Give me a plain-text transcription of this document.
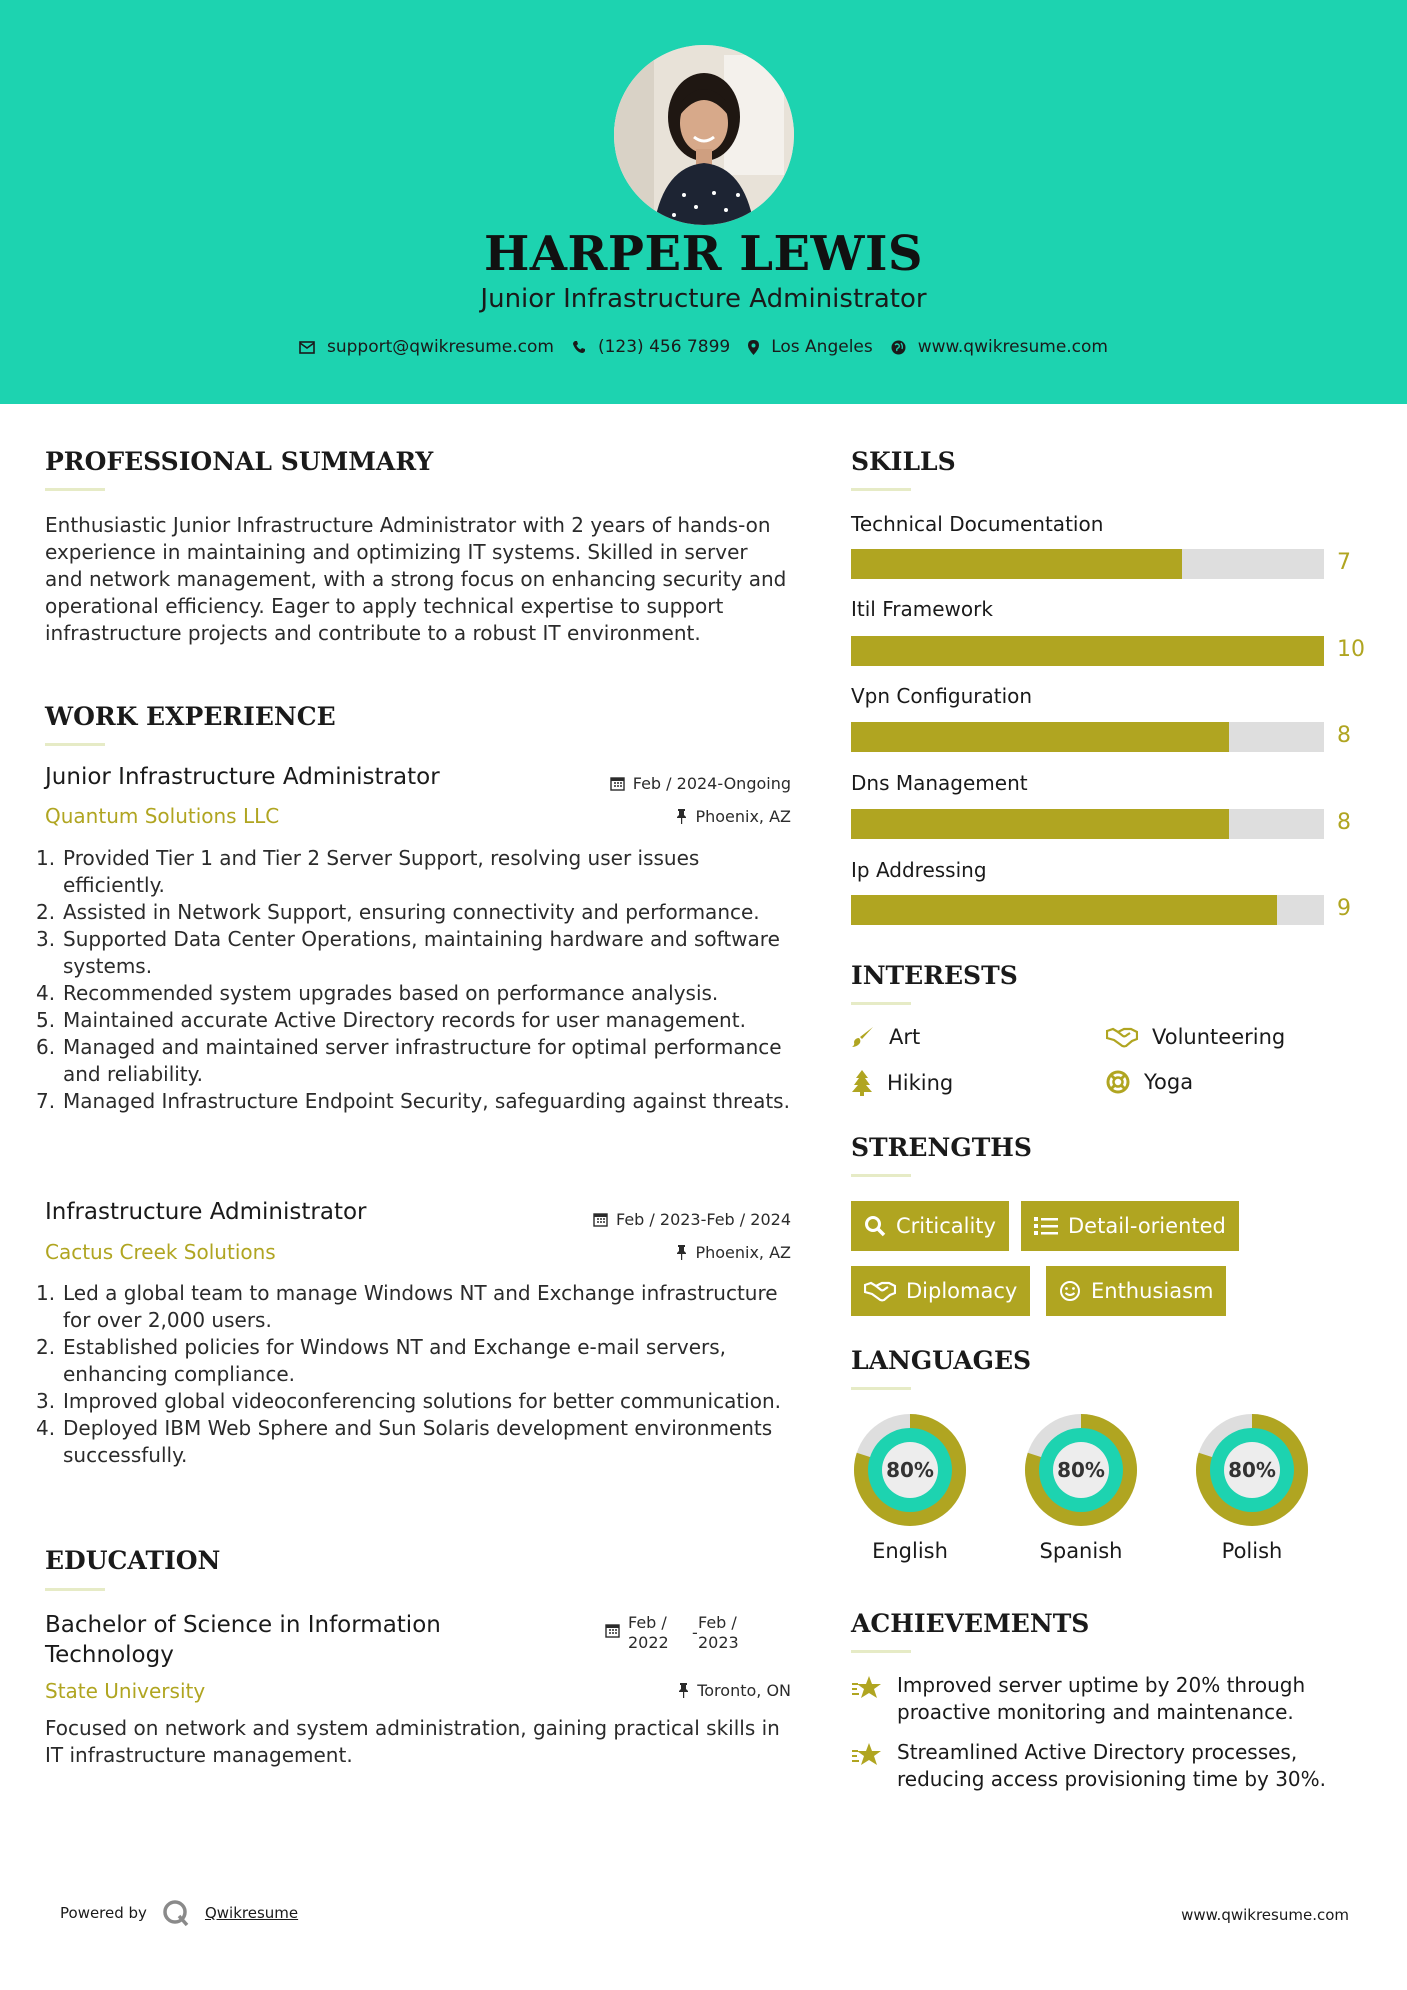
HARPER LEWIS
Junior Infrastructure Administrator
support@qwikresume.com	(123) 456 7899 Los Angeles	www.qwikresume.com
PROFESSIONAL SUMMARY
Enthusiastic Junior Infrastructure Administrator with 2 years of hands-on experience in maintaining and optimizing IT systems. Skilled in server and network management, with a strong focus on enhancing security and operational efficiency. Eager to apply technical expertise to support infrastructure projects and contribute to a robust IT environment.
WORK EXPERIENCE
Junior Infrastructure Administrator	Feb / 2024-Ongoing
Quantum Solutions LLC	Phoenix, AZ
1. Provided Tier 1 and Tier 2 Server Support, resolving user issues efficiently.
2. Assisted in Network Support, ensuring connectivity and performance.
3. Supported Data Center Operations, maintaining hardware and software systems.
4. Recommended system upgrades based on performance analysis.
5. Maintained accurate Active Directory records for user management.
6. Managed and maintained server infrastructure for optimal performance and reliability.
7. Managed Infrastructure Endpoint Security, safeguarding against threats.
Infrastructure Administrator	Feb / 2023-Feb / 2024
Cactus Creek Solutions	Phoenix, AZ
1. Led a global team to manage Windows NT and Exchange infrastructure for over 2,000 users.
2. Established policies for Windows NT and Exchange e-mail servers, enhancing compliance.
3. Improved global videoconferencing solutions for better communication.
4. Deployed IBM Web Sphere and Sun Solaris development environments successfully.
EDUCATION
Bachelor of Science in Information Technology
Feb /
2022
-
Feb /
2023
State University	Toronto, ON
Focused on network and system administration, gaining practical skills in IT infrastructure management.
SKILLS
Technical Documentation
7
Itil Framework
10
Vpn Configuration
8
Dns Management
8
Ip Addressing
9
INTERESTS
Art	Volunteering
Hiking	Yoga
STRENGTHS
Criticality	Detail-oriented
Diplomacy	Enthusiasm
LANGUAGES
80%
English
80%
Spanish
80%
Polish
ACHIEVEMENTS
Improved server uptime by 20% through proactive monitoring and maintenance.
Streamlined Active Directory processes, reducing access provisioning time by 30%.
Powered by	Qwikresume	www.qwikresume.com
